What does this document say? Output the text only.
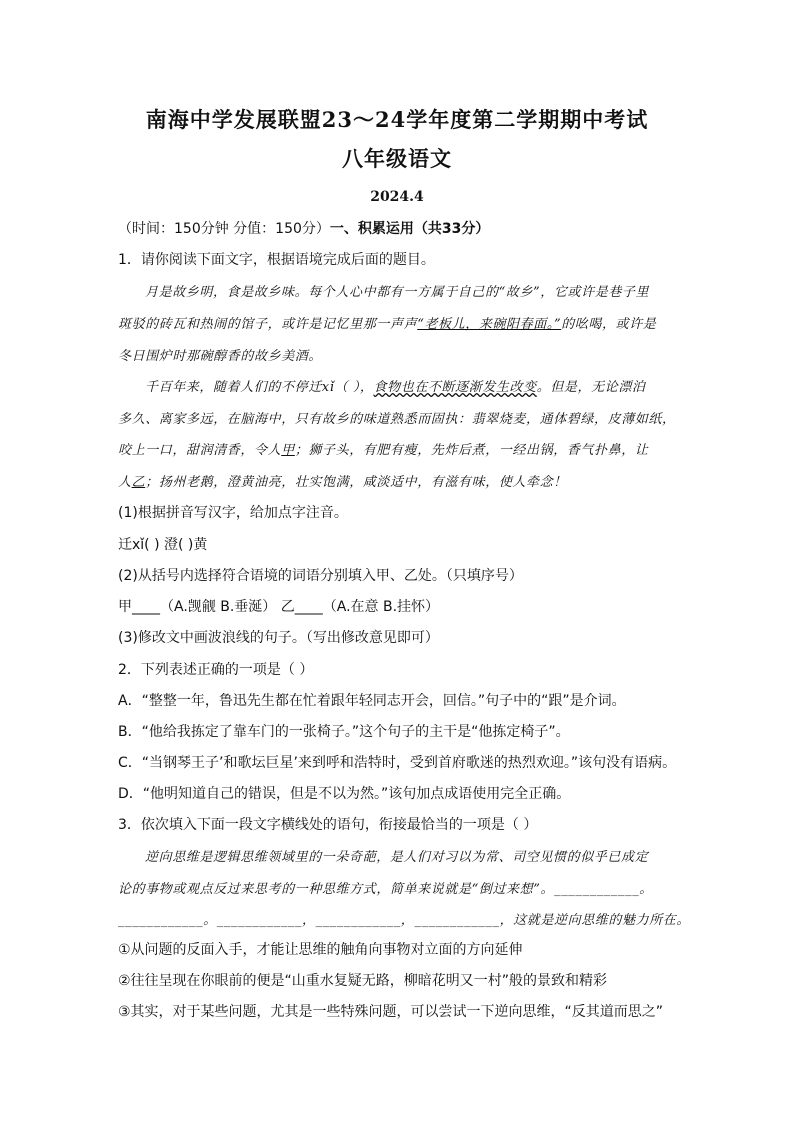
南海中学发展联盟23～24学年度第二学期期中考试
八年级语文
2024.4
（时间：150分钟 分值：150分）一、积累运用（共33分）
1．请你阅读下面文字，根据语境完成后面的题目。
月是故乡明，食是故乡味。每个人心中都有一方属于自己的“故乡”，它或许是巷子里
斑驳的砖瓦和热闹的馆子，或许是记忆里那一声声“老板儿，来碗阳春面。”的吆喝，或许是
冬日围炉时那碗醇香的故乡美酒。
千百年来，随着人们的不停迁xǐ（ ），食物也在不断逐渐发生改变。但是，无论漂泊
多久、离家多远，在脑海中，只有故乡的味道熟悉而固执：翡翠烧麦，通体碧绿，皮薄如纸，
咬上一口，甜润清香，令人甲；狮子头，有肥有瘦，先炸后煮，一经出锅，香气扑鼻，让
人乙；扬州老鹅，澄黄油亮，壮实饱满，咸淡适中，有滋有味，使人牵念！
(1)根据拼音写汉字，给加点字注音。
迁xǐ( ) 澄( )黄
(2)从括号内选择符合语境的词语分别填入甲、乙处。（只填序号）
甲____（A.觊觎 B.垂涎） 乙____（A.在意 B.挂怀）
(3)修改文中画波浪线的句子。（写出修改意见即可）
2．下列表述正确的一项是（ ）
A．“整整一年，鲁迅先生都在忙着跟年轻同志开会，回信。”句子中的“跟”是介词。
B．“他给我拣定了靠车门的一张椅子。”这个句子的主干是“他拣定椅子”。
C．“当钢琴王子’和歌坛巨星’来到呼和浩特时，受到首府歌迷的热烈欢迎。”该句没有语病。
D．“他明知道自己的错误，但是不以为然。”该句加点成语使用完全正确。
3．依次填入下面一段文字横线处的语句，衔接最恰当的一项是（ ）
逆向思维是逻辑思维领域里的一朵奇葩，是人们对习以为常、司空见惯的似乎已成定
论的事物或观点反过来思考的一种思维方式，简单来说就是“倒过来想”。____________。
____________。____________，____________，____________，这就是逆向思维的魅力所在。
①从问题的反面入手，才能让思维的触角向事物对立面的方向延伸
②往往呈现在你眼前的便是“山重水复疑无路，柳暗花明又一村”般的景致和精彩
③其实，对于某些问题，尤其是一些特殊问题，可以尝试一下逆向思维，“反其道而思之”
